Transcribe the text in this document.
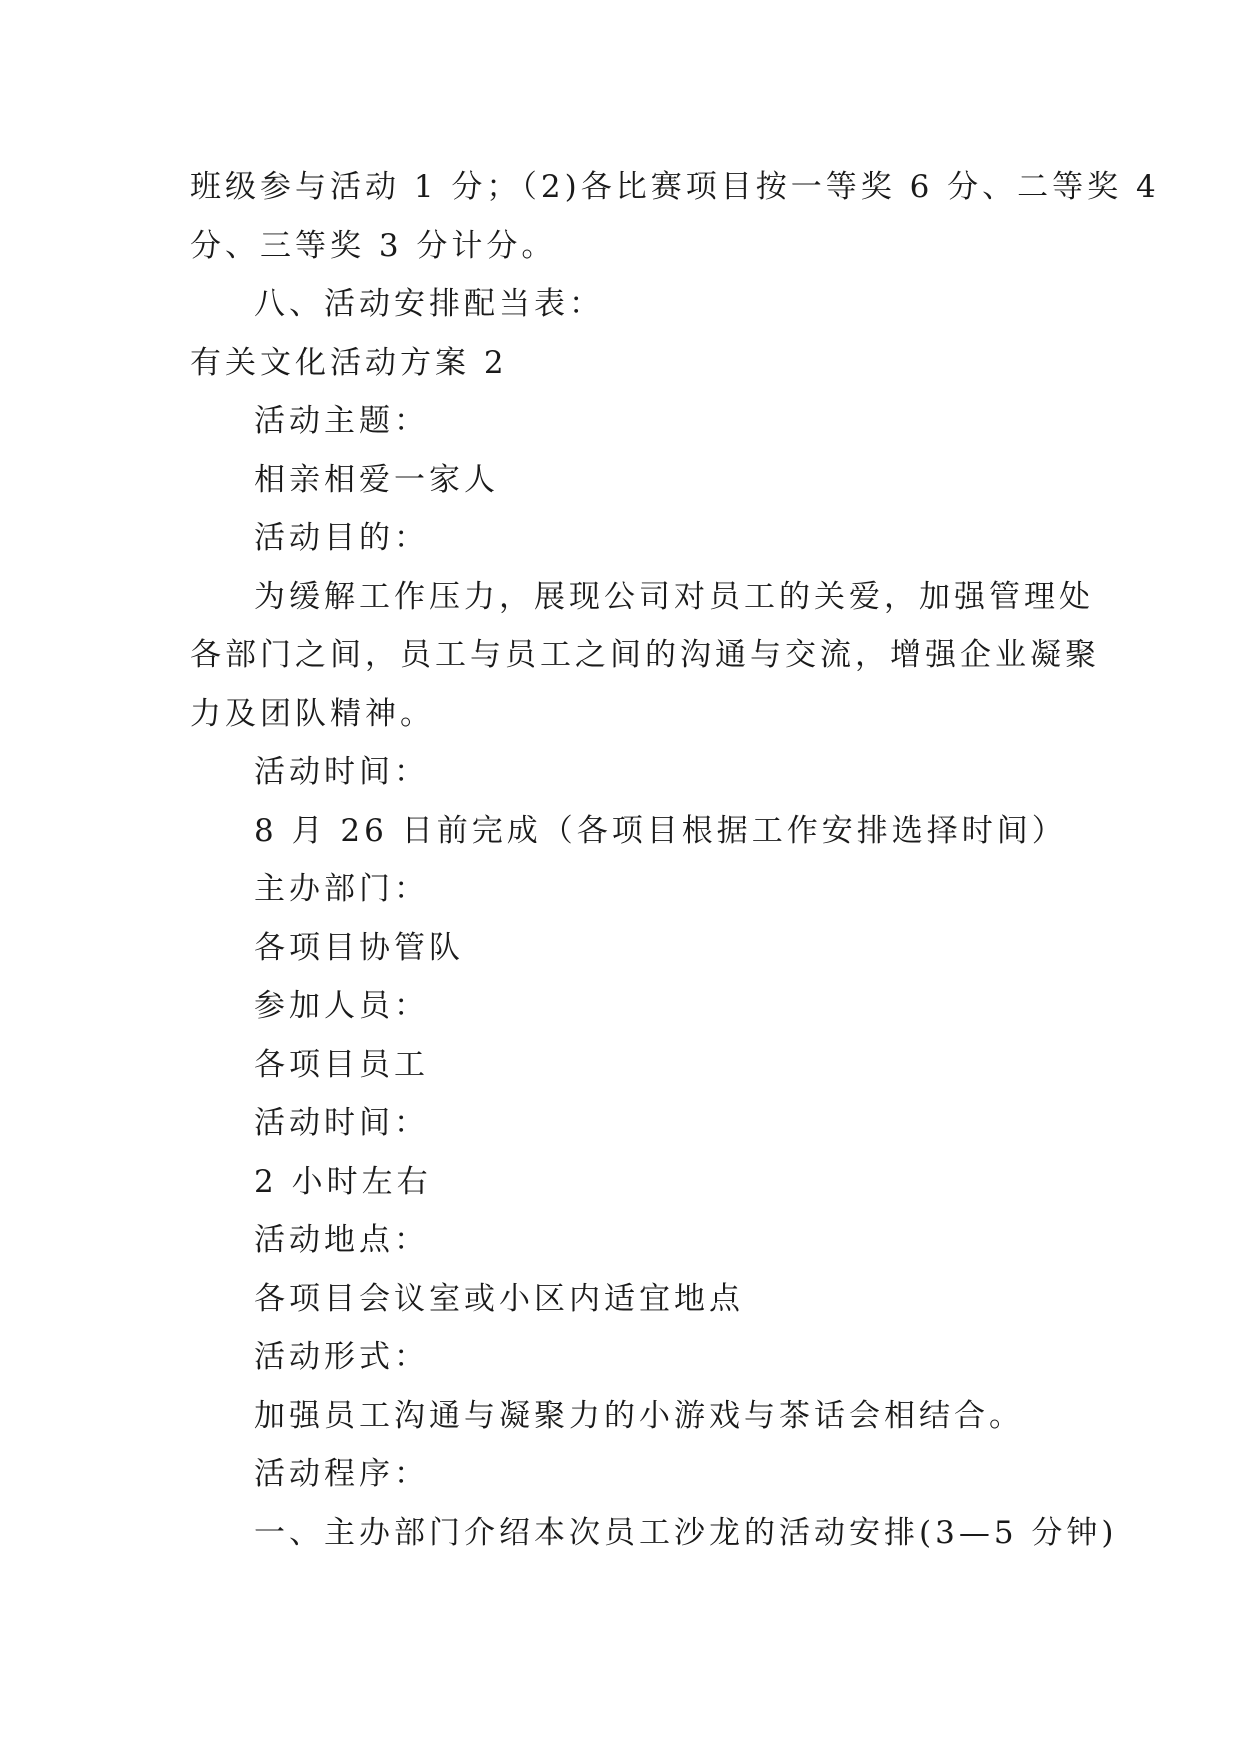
班级参与活动 1 分；（2)各比赛项目按一等奖 6 分、二等奖 4

分、三等奖 3 分计分。

八、活动安排配当表：

有关文化活动方案 2

活动主题：

相亲相爱一家人

活动目的：

为缓解工作压力，展现公司对员工的关爱，加强管理处

各部门之间，员工与员工之间的沟通与交流，增强企业凝聚

力及团队精神。

活动时间：

8 月 26 日前完成（各项目根据工作安排选择时间）

主办部门：

各项目协管队

参加人员：

各项目员工

活动时间：

2 小时左右

活动地点：

各项目会议室或小区内适宜地点

活动形式：

加强员工沟通与凝聚力的小游戏与茶话会相结合。

活动程序：

一、主办部门介绍本次员工沙龙的活动安排(3—5 分钟)
